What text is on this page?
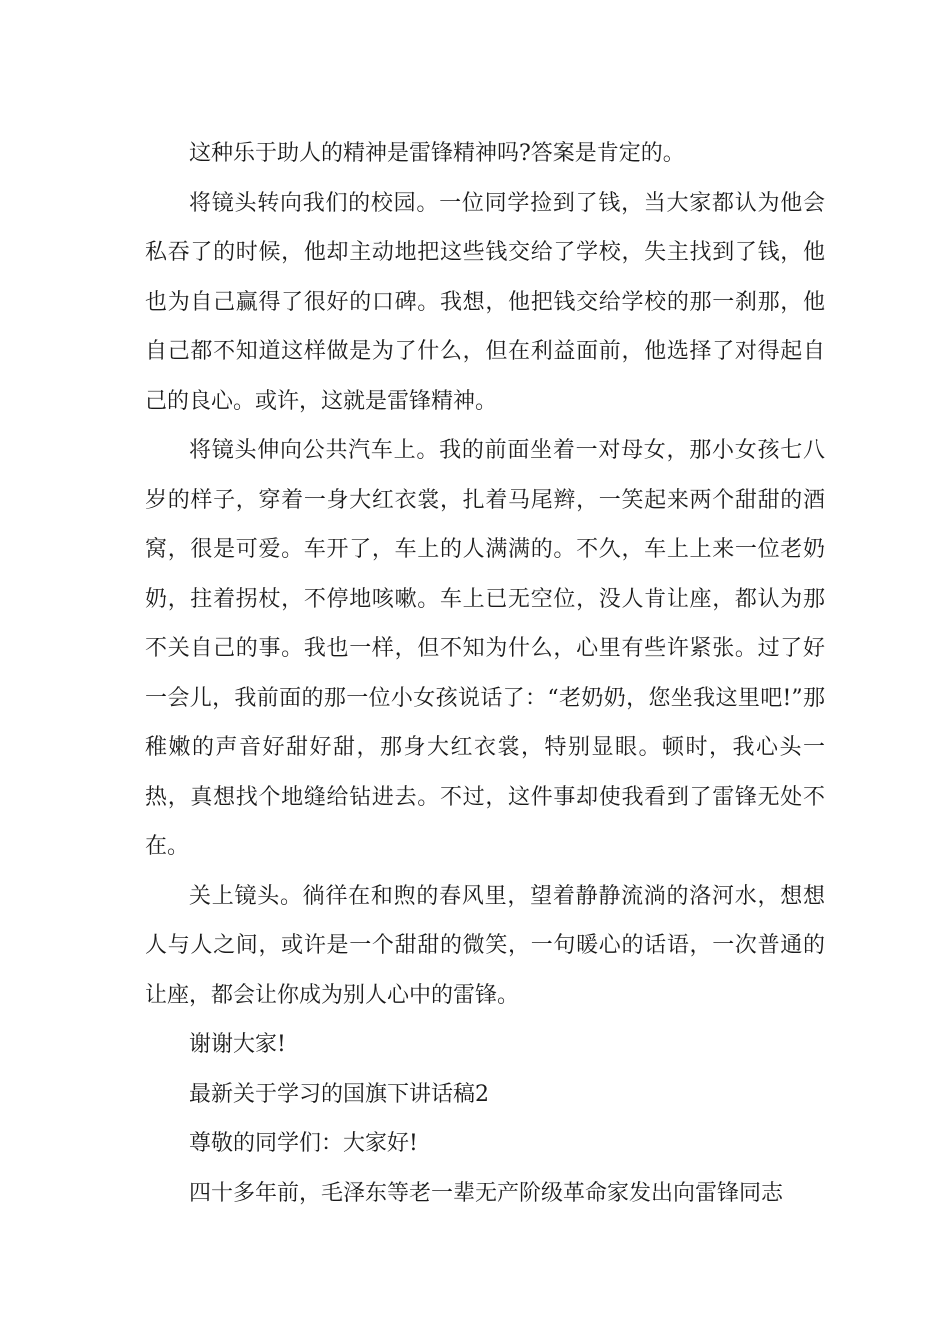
这种乐于助人的精神是雷锋精神吗?答案是肯定的。

将镜头转向我们的校园。一位同学捡到了钱，当大家都认为他会私吞了的时候，他却主动地把这些钱交给了学校，失主找到了钱，他也为自己赢得了很好的口碑。我想，他把钱交给学校的那一刹那，他自己都不知道这样做是为了什么，但在利益面前，他选择了对得起自己的良心。或许，这就是雷锋精神。

将镜头伸向公共汽车上。我的前面坐着一对母女，那小女孩七八岁的样子，穿着一身大红衣裳，扎着马尾辫，一笑起来两个甜甜的酒窝，很是可爱。车开了，车上的人满满的。不久，车上上来一位老奶奶，拄着拐杖，不停地咳嗽。车上已无空位，没人肯让座，都认为那不关自己的事。我也一样，但不知为什么，心里有些许紧张。过了好一会儿，我前面的那一位小女孩说话了：“老奶奶，您坐我这里吧!”那稚嫩的声音好甜好甜，那身大红衣裳，特别显眼。顿时，我心头一热，真想找个地缝给钻进去。不过，这件事却使我看到了雷锋无处不在。

关上镜头。徜徉在和煦的春风里，望着静静流淌的洛河水，想想人与人之间，或许是一个甜甜的微笑，一句暖心的话语，一次普通的让座，都会让你成为别人心中的雷锋。

谢谢大家!

最新关于学习的国旗下讲话稿2

尊敬的同学们：大家好!

四十多年前，毛泽东等老一辈无产阶级革命家发出向雷锋同志
